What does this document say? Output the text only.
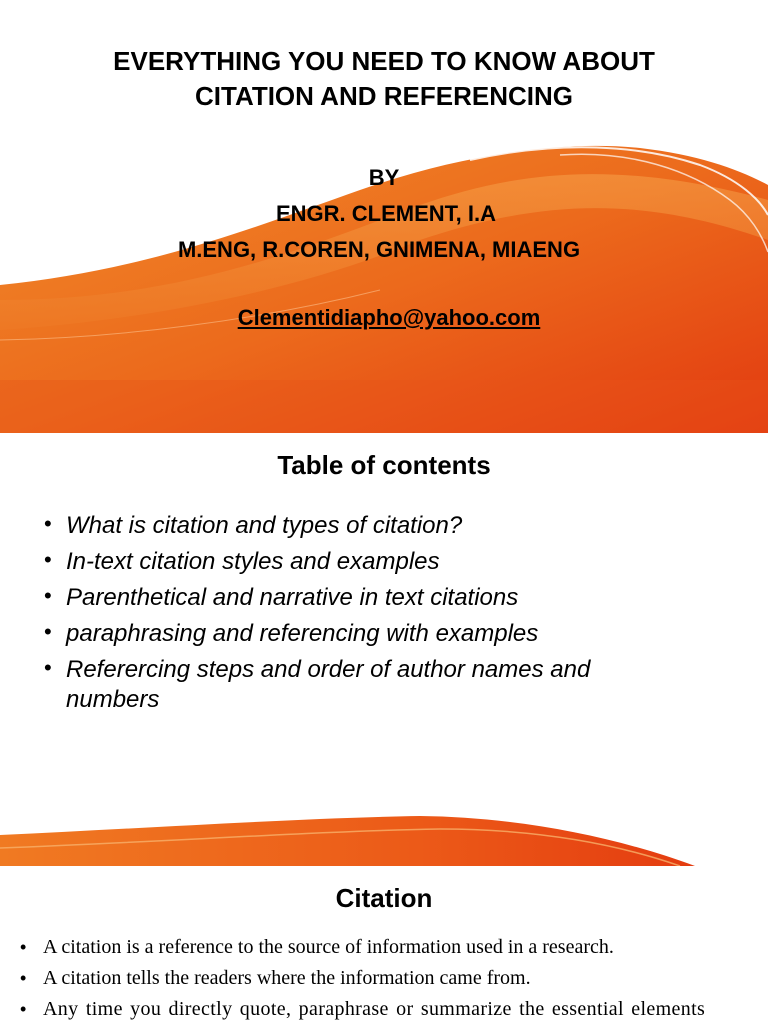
EVERYTHING YOU NEED TO KNOW ABOUT
CITATION AND REFERENCING
BY
ENGR. CLEMENT, I.A
M.ENG, R.COREN, GNIMENA, MIAENG
Clementidiapho@yahoo.com
Table of contents
• What is citation and types of citation?
• In-text citation styles and examples
• Parenthetical and narrative in text citations
• paraphrasing and referencing with examples
• Referercing steps and order of author names and numbers
Citation
• A citation is a reference to the source of information used in a research.
• A citation tells the readers where the information came from.
• Any time you directly quote, paraphrase or summarize the essential elements
